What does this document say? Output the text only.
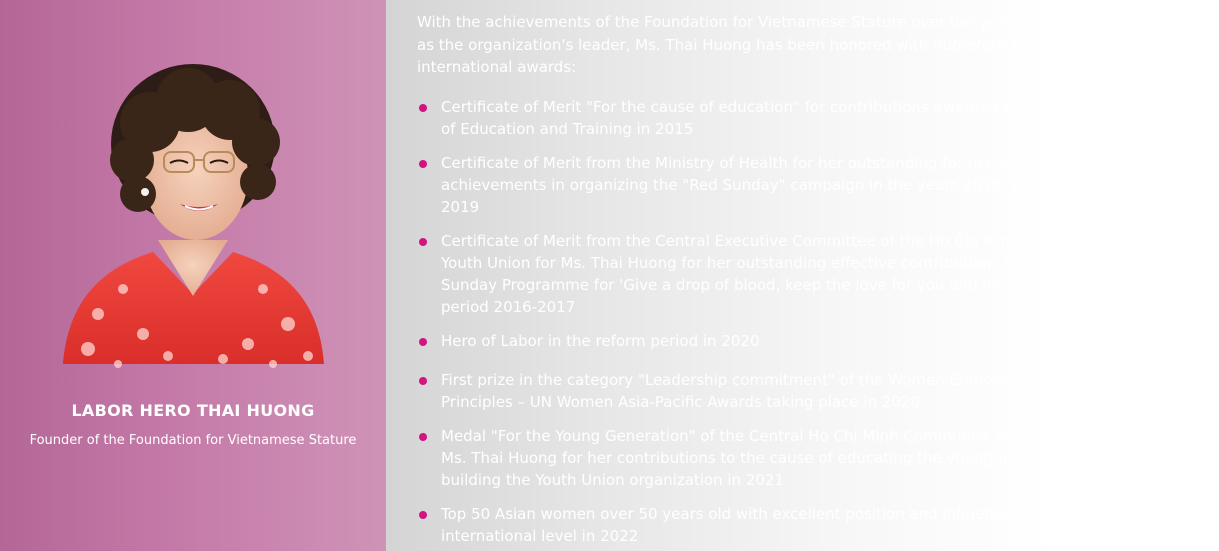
LABOR HERO THAI HUONG
Founder of the Foundation for Vietnamese Stature

With the achievements of the Foundation for Vietnamese Stature over the years in her role as the organization's leader, Ms. Thai Huong has been honored with numerous domestic and international awards:

Certificate of Merit "For the cause of education" for contributions awarded by the Ministry of Education and Training in 2015
Certificate of Merit from the Ministry of Health for her outstanding for her outstanding achievements in organizing the "Red Sunday" campaign in the years 2016, 2017, 2018, 2019
Certificate of Merit from the Central Executive Committee of the Ho Chi Minh Communist Youth Union for Ms. Thai Huong for her outstanding effective contributions to the Red Sunday Programme for 'Give a drop of blood, keep the love for you and me during the period 2016-2017
Hero of Labor in the reform period in 2020
First prize in the category "Leadership commitment" of the Women Empowerment Principles – UN Women Asia-Pacific Awards taking place in 2020
Medal "For the Young Generation" of the Central Ho Chi Minh Communist Youth Union for Ms. Thai Huong for her contributions to the cause of educating the young generation and building the Youth Union organization in 2021
Top 50 Asian women over 50 years old with excellent position and influence at the international level in 2022
